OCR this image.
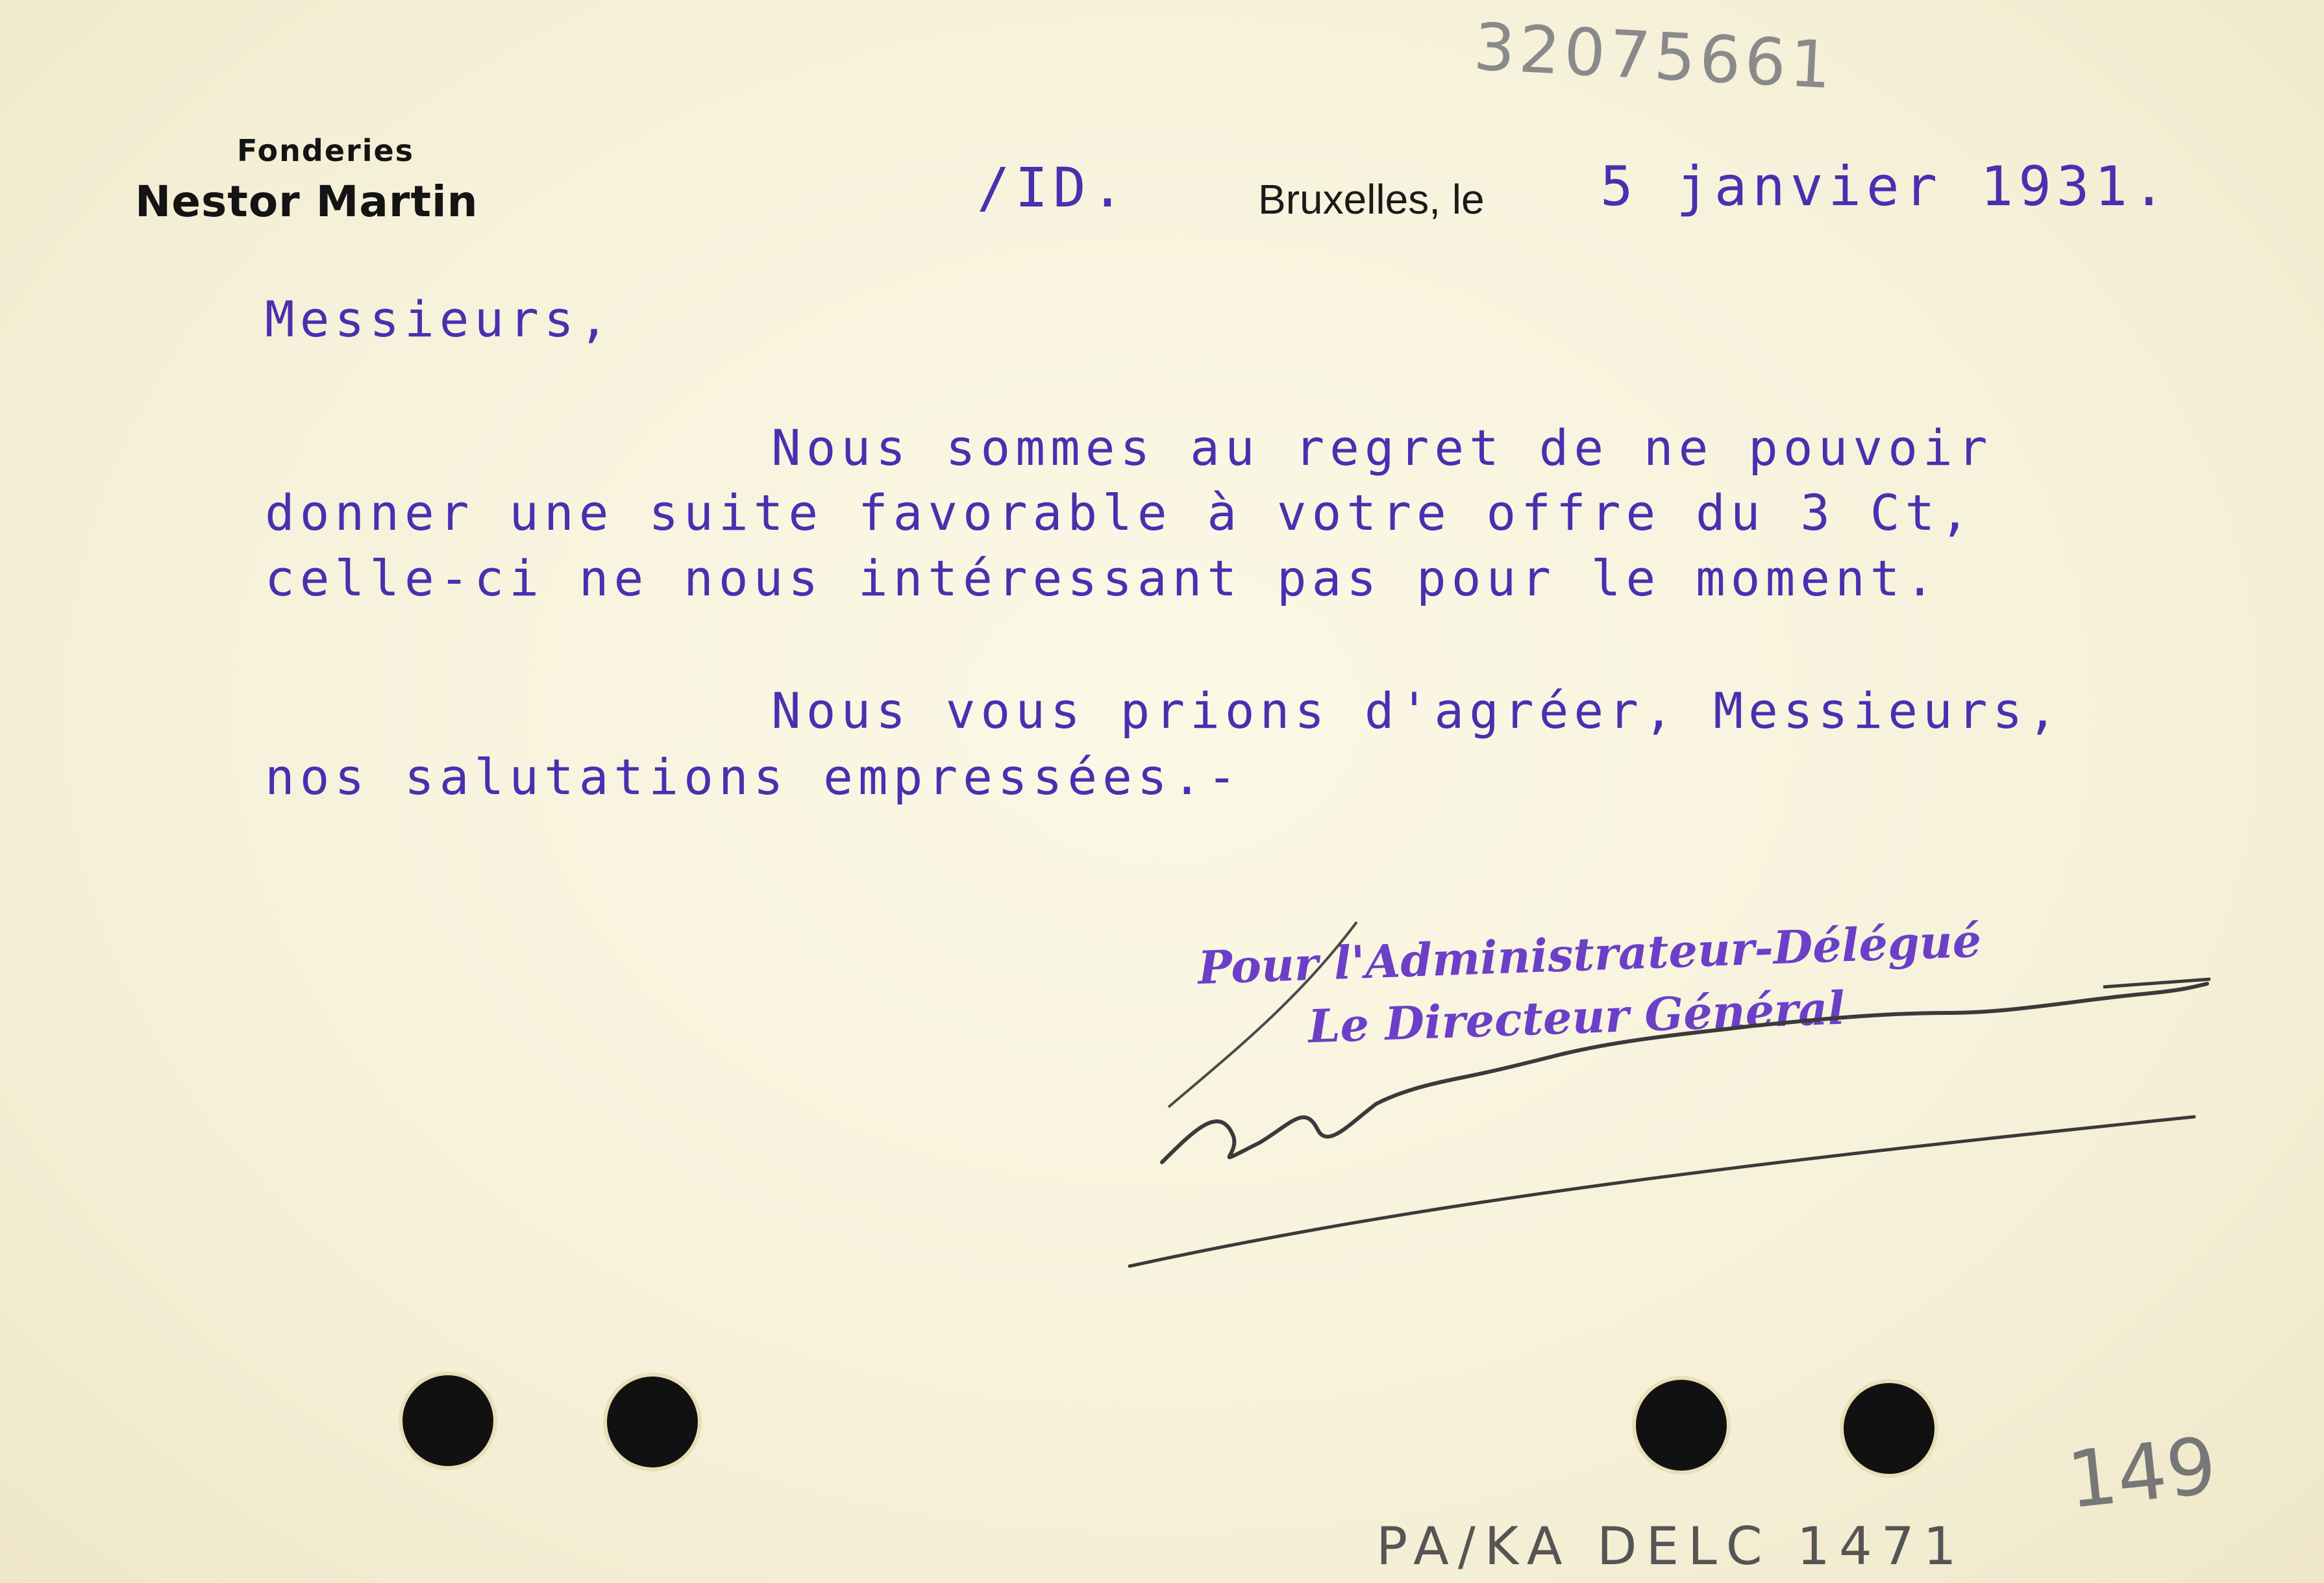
Fonderies
Nestor Martin	/ID.	Bruxelles, le 5 janvier 1931.
Messieurs,
Nous sommes au regret de ne pouvoir
donner une suite favorable à votre offre du 3 Ct,
celle-ci ne nous intéressant pas pour le moment.
Nous vous prions d'agréer, Messieurs,
nos salutations empressées.-
Pour l'Administrateur-Délégué
Le Directeur Général
32075661
PA/KA DELC 1471
149
